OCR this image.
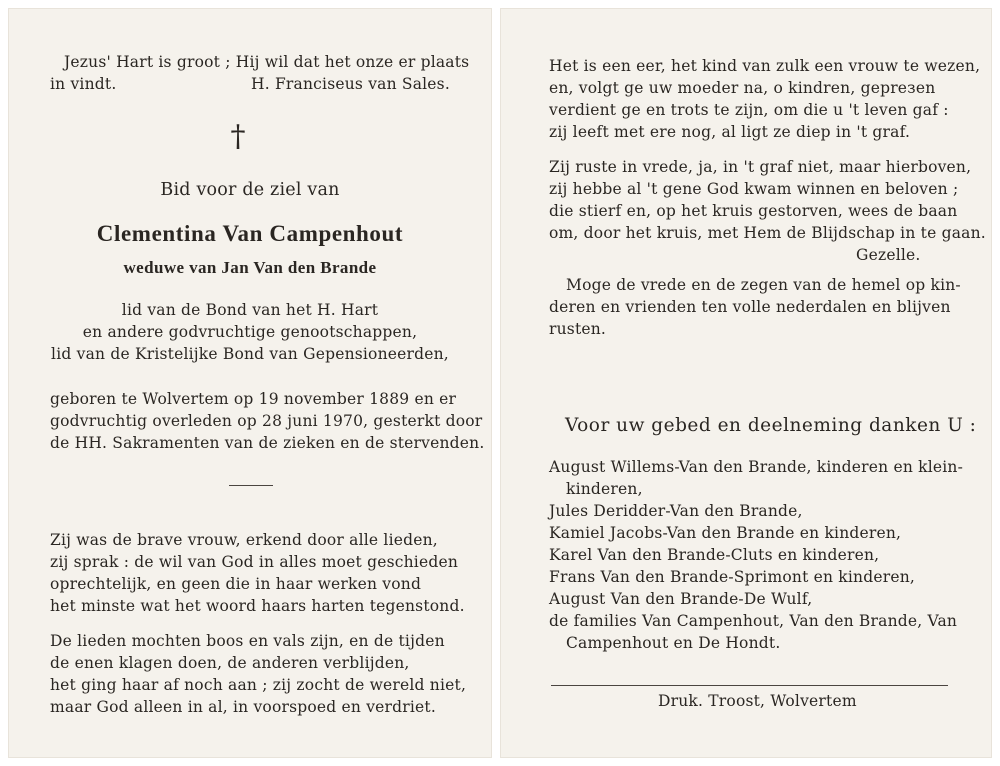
Jezus' Hart is groot ; Hij wil dat het onze er plaats
in vindt.	H. Franciseus van Sales.
†
Bid voor de ziel van
Clementina Van Campenhout
weduwe van Jan Van den Brande
lid van de Bond van het H. Hart
en andere godvruchtige genootschappen,
lid van de Kristelijke Bond van Gepensioneerden,
geboren te Wolvertem op 19 november 1889 en er
godvruchtig overleden op 28 juni 1970, gesterkt door
de HH. Sakramenten van de zieken en de stervenden.
Zij was de brave vrouw, erkend door alle lieden,
zij sprak : de wil van God in alles moet geschieden
oprechtelijk, en geen die in haar werken vond
het minste wat het woord haars harten tegenstond.
De lieden mochten boos en vals zijn, en de tijden
de enen klagen doen, de anderen verblijden,
het ging haar af noch aan ; zij zocht de wereld niet,
maar God alleen in al, in voorspoed en verdriet.
Het is een eer, het kind van zulk een vrouw te wezen,
en, volgt ge uw moeder na, o kindren, gepreзen
verdient ge en trots te zijn, om die u 't leven gaf :
zij leeft met ere nog, al ligt ze diep in 't graf.
Zij ruste in vrede, ja, in 't graf niet, maar hierboven,
zij hebbe al 't gene God kwam winnen en beloven ;
die stierf en, op het kruis gestorven, wees de baan
om, door het kruis, met Hem de Blijdschap in te gaan.
Gezelle.
Moge de vrede en de zegen van de hemel op kin-
deren en vrienden ten volle nederdalen en blijven
rusten.
Voor uw gebed en deelneming danken U :
August Willems-Van den Brande, kinderen en klein-
kinderen,
Jules Deridder-Van den Brande,
Kamiel Jacobs-Van den Brande en kinderen,
Karel Van den Brande-Cluts en kinderen,
Frans Van den Brande-Sprimont en kinderen,
August Van den Brande-De Wulf,
de families Van Campenhout, Van den Brande, Van
Campenhout en De Hondt.
Druk. Troost, Wolvertem
